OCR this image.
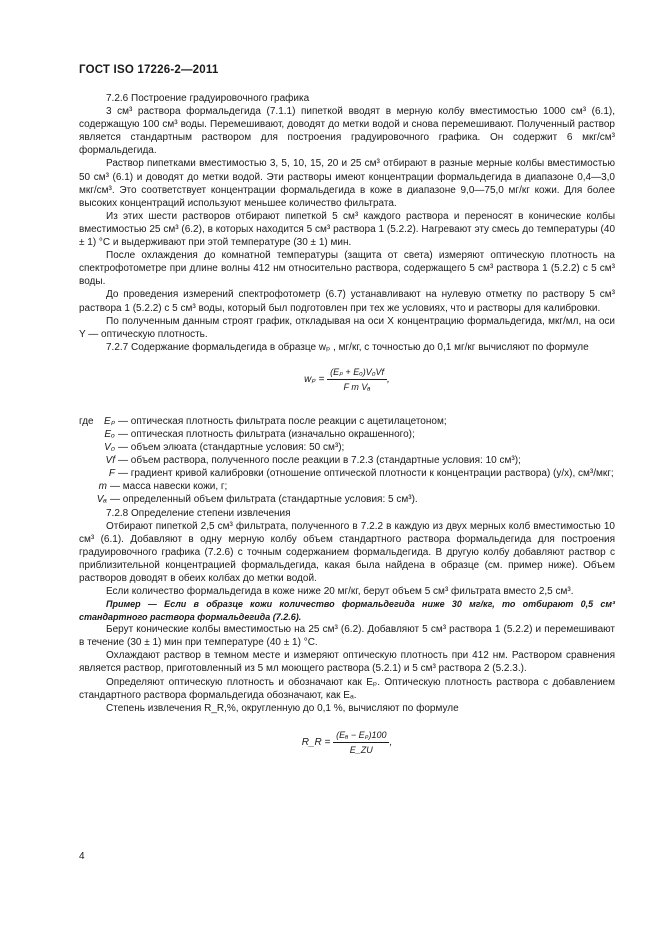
ГОСТ ISO 17226-2—2011

7.2.6 Построение градуировочного графика

3 см³ раствора формальдегида (7.1.1) пипеткой вводят в мерную колбу вместимостью 1000 см³ (6.1), содержащую 100 см³ воды. Перемешивают, доводят до метки водой и снова перемешивают. Полученный раствор является стандартным раствором для построения градуировочного графика. Он содержит 6 мкг/см³ формальдегида.

Раствор пипетками вместимостью 3, 5, 10, 15, 20 и 25 см³ отбирают в разные мерные колбы вместимостью 50 см³ (6.1) и доводят до метки водой. Эти растворы имеют концентрации формальдегида в диапазоне 0,4—3,0 мкг/см³. Это соответствует концентрации формальдегида в коже в диапазоне 9,0—75,0 мг/кг кожи. Для более высоких концентраций используют меньшее количество фильтрата.

Из этих шести растворов отбирают пипеткой 5 см³ каждого раствора и переносят в конические колбы вместимостью 25 см³ (6.2), в которых находится 5 см³ раствора 1 (5.2.2). Нагревают эту смесь до температуры (40 ± 1) °С и выдерживают при этой температуре (30 ± 1) мин.

После охлаждения до комнатной температуры (защита от света) измеряют оптическую плотность на спектрофотометре при длине волны 412 нм относительно раствора, содержащего 5 см³ раствора 1 (5.2.2) с 5 см³ воды.

До проведения измерений спектрофотометр (6.7) устанавливают на нулевую отметку по раствору 5 см³ раствора 1 (5.2.2) с 5 см³ воды, который был подготовлен при тех же условиях, что и растворы для калибровки.

По полученным данным строят график, откладывая на оси X концентрацию формальдегида, мкг/мл, на оси Y — оптическую плотность.

7.2.7 Содержание формальдегида в образце wₚ , мг/кг, с точностью до 0,1 мг/кг вычисляют по формуле

$w_p = \frac{\text{(Eₚ + Eₒ)V₀Vf}}{\text{F m Vₐ}}$ ,
где	Eₚ — оптическая плотность фильтрата после реакции с ацетилацетоном;
Eₒ — оптическая плотность фильтрата (изначально окрашенного);
V₀ — объем элюата (стандартные условия: 50 см³);
Vf — объем раствора, полученного после реакции в 7.2.3 (стандартные условия: 10 см³);
F — градиент кривой калибровки (отношение оптической плотности к концентрации раствора) (у/х), см³/мкг;
m — масса навески кожи, г;
Vₐ — определенный объем фильтрата (стандартные условия: 5 см³).

7.2.8 Определение степени извлечения

Отбирают пипеткой 2,5 см³ фильтрата, полученного в 7.2.2 в каждую из двух мерных колб вместимостью 10 см³ (6.1). Добавляют в одну мерную колбу объем стандартного раствора формальдегида для построения градуировочного графика (7.2.6) с точным содержанием формальдегида. В другую колбу добавляют раствор с приблизительной концентрацией формальдегида, какая была найдена в образце (см. пример ниже). Объем растворов доводят в обеих колбах до метки водой.

Если количество формальдегида в коже ниже 20 мг/кг, берут объем 5 см³ фильтрата вместо 2,5 см³.

Пример — Если в образце кожи количество формальдегида ниже 30 мг/кг, то отбирают 0,5 см³ стандартного раствора формальдегида (7.2.6).

Берут конические колбы вместимостью на 25 см³ (6.2). Добавляют 5 см³ раствора 1 (5.2.2) и перемешивают в течение (30 ± 1) мин при температуре (40 ± 1) °С.

Охлаждают раствор в темном месте и измеряют оптическую плотность при 412 нм. Раствором сравнения является раствор, приготовленный из 5 мл моющего раствора (5.2.1) и 5 см³ раствора 2 (5.2.3.).

Определяют оптическую плотность и обозначают как Eₚ. Оптическую плотность раствора с добавлением стандартного раствора формальдегида обозначают, как Eₐ.

Степень извлечения R_R,%, округленную до 0,1 %, вычисляют по формуле

R_R = $\frac{\text{(Eₐ − Eₚ)100}}{E\_ZU}$ ,
4
